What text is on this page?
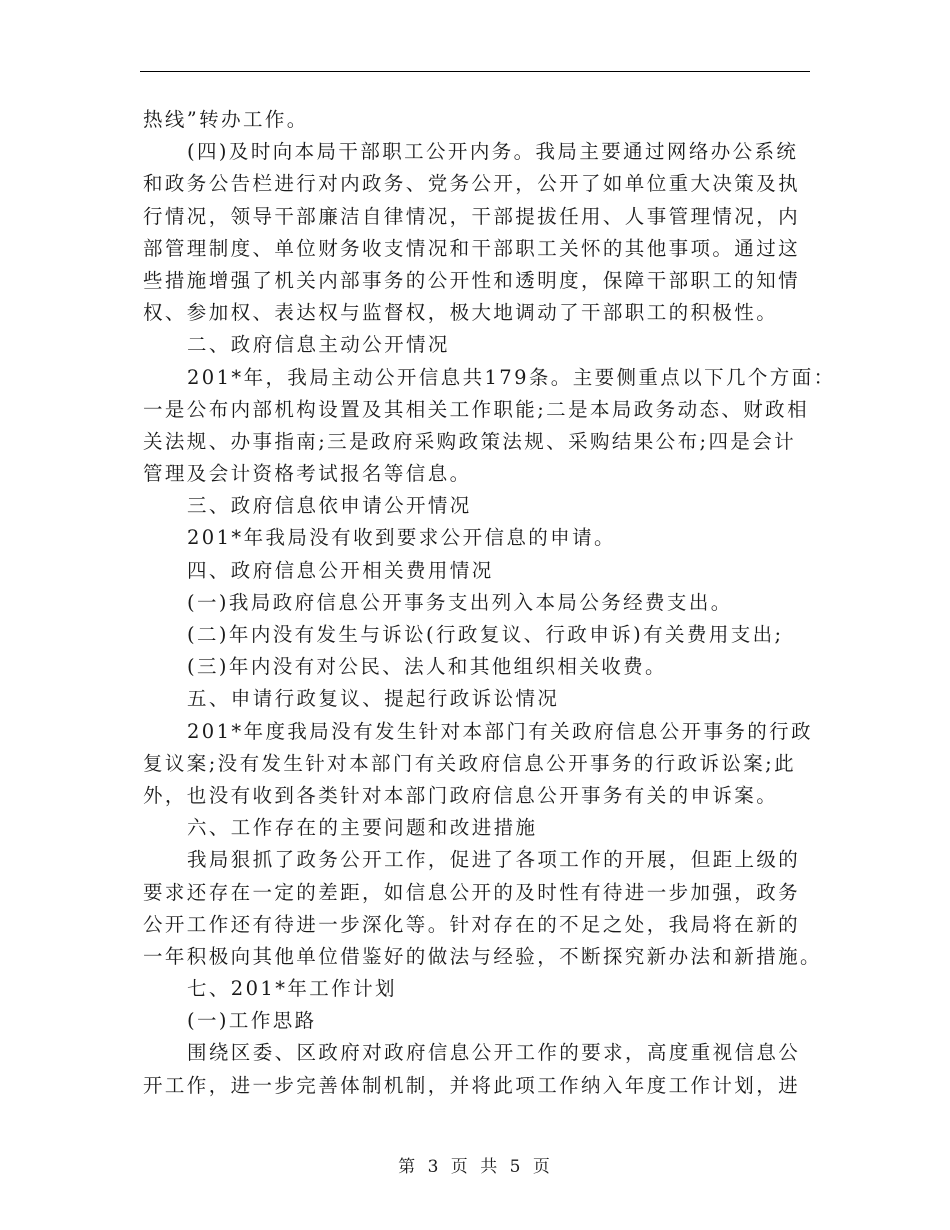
热线”转办工作。
(四)及时向本局干部职工公开内务。我局主要通过网络办公系统
和政务公告栏进行对内政务、党务公开，公开了如单位重大决策及执
行情况，领导干部廉洁自律情况，干部提拔任用、人事管理情况，内
部管理制度、单位财务收支情况和干部职工关怀的其他事项。通过这
些措施增强了机关内部事务的公开性和透明度，保障干部职工的知情
权、参加权、表达权与监督权，极大地调动了干部职工的积极性。
二、政府信息主动公开情况
201*年，我局主动公开信息共179条。主要侧重点以下几个方面：
一是公布内部机构设置及其相关工作职能;二是本局政务动态、财政相
关法规、办事指南;三是政府采购政策法规、采购结果公布;四是会计
管理及会计资格考试报名等信息。
三、政府信息依申请公开情况
201*年我局没有收到要求公开信息的申请。
四、政府信息公开相关费用情况
(一)我局政府信息公开事务支出列入本局公务经费支出。
(二)年内没有发生与诉讼(行政复议、行政申诉)有关费用支出;
(三)年内没有对公民、法人和其他组织相关收费。
五、申请行政复议、提起行政诉讼情况
201*年度我局没有发生针对本部门有关政府信息公开事务的行政
复议案;没有发生针对本部门有关政府信息公开事务的行政诉讼案;此
外，也没有收到各类针对本部门政府信息公开事务有关的申诉案。
六、工作存在的主要问题和改进措施
我局狠抓了政务公开工作，促进了各项工作的开展，但距上级的
要求还存在一定的差距，如信息公开的及时性有待进一步加强，政务
公开工作还有待进一步深化等。针对存在的不足之处，我局将在新的
一年积极向其他单位借鉴好的做法与经验，不断探究新办法和新措施。
七、201*年工作计划
(一)工作思路
围绕区委、区政府对政府信息公开工作的要求，高度重视信息公
开工作，进一步完善体制机制，并将此项工作纳入年度工作计划，进
第 3 页 共 5 页
